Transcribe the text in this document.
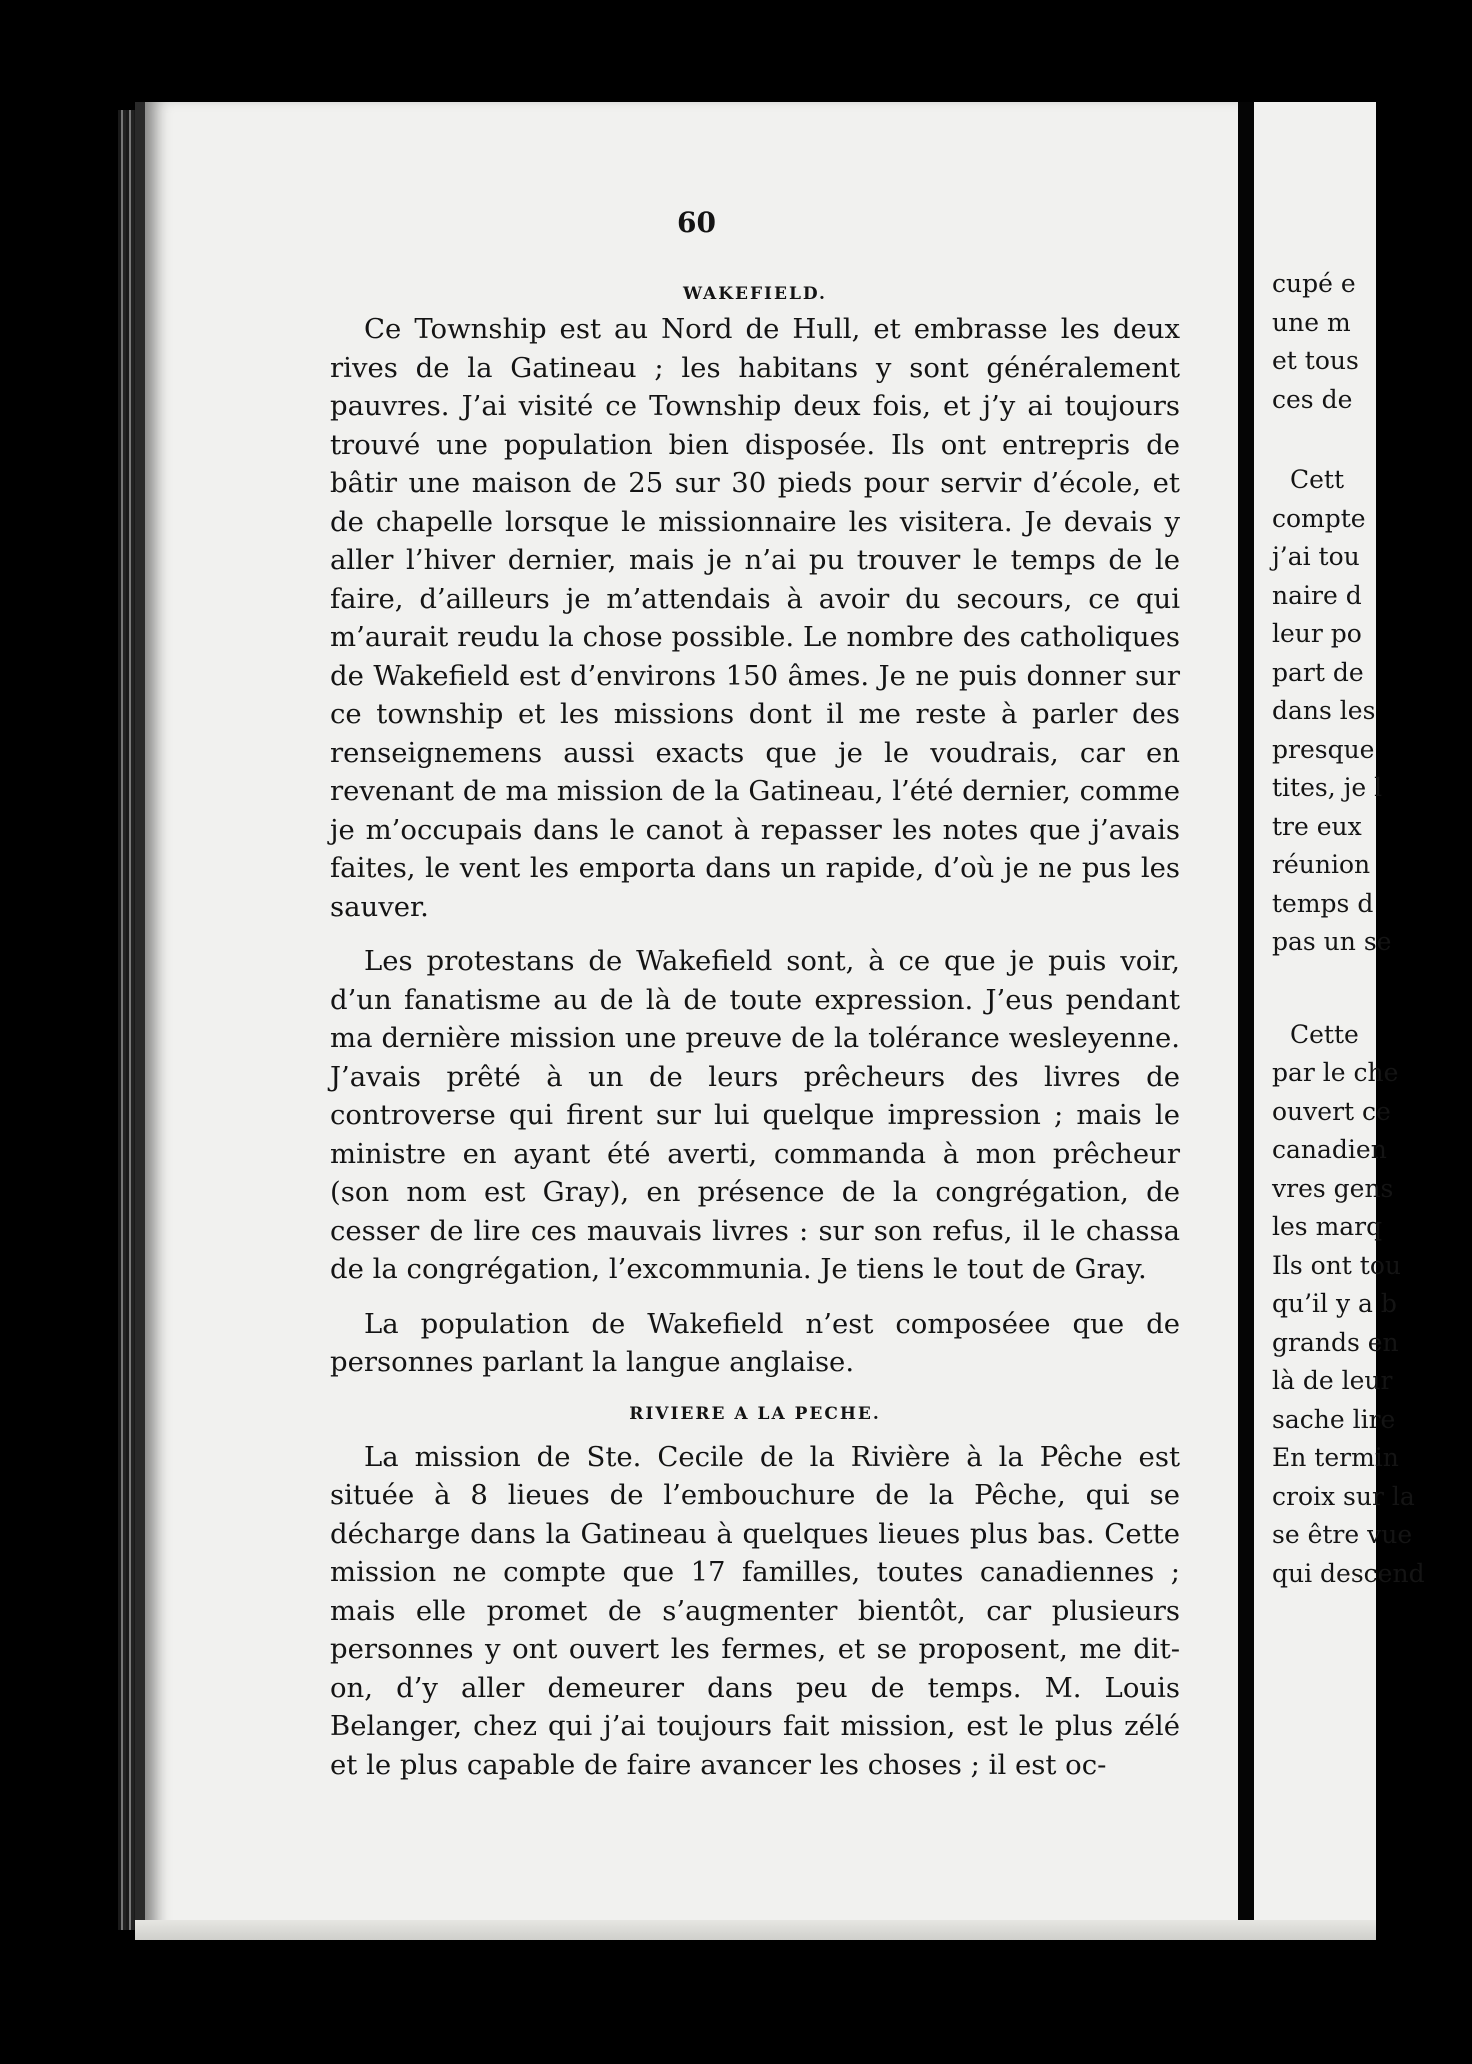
60

WAKEFIELD.

Ce Township est au Nord de Hull, et embrasse les deux rives de la Gatineau ; les habitans y sont généralement pauvres. J’ai visité ce Township deux fois, et j’y ai toujours trouvé une population bien disposée. Ils ont entrepris de bâtir une maison de 25 sur 30 pieds pour servir d’école, et de chapelle lorsque le missionnaire les visitera. Je devais y aller l’hiver dernier, mais je n’ai pu trouver le temps de le faire, d’ailleurs je m’attendais à avoir du secours, ce qui m’aurait reudu la chose possible. Le nombre des catholiques de Wakefield est d’environs 150 âmes. Je ne puis donner sur ce township et les missions dont il me reste à parler des renseignemens aussi exacts que je le voudrais, car en revenant de ma mission de la Gatineau, l’été dernier, comme je m’occupais dans le canot à repasser les notes que j’avais faites, le vent les emporta dans un rapide, d’où je ne pus les sauver.

Les protestans de Wakefield sont, à ce que je puis voir, d’un fanatisme au de là de toute expression. J’eus pendant ma dernière mission une preuve de la tolérance wesleyenne. J’avais prêté à un de leurs prêcheurs des livres de controverse qui firent sur lui quelque impression ; mais le ministre en ayant été averti, commanda à mon prêcheur (son nom est Gray), en présence de la congrégation, de cesser de lire ces mauvais livres : sur son refus, il le chassa de la congrégation, l’excommunia. Je tiens le tout de Gray.

La population de Wakefield n’est composéee que de personnes parlant la langue anglaise.

RIVIERE A LA PECHE.

La mission de Ste. Cecile de la Rivière à la Pêche est située à 8 lieues de l’embouchure de la Pêche, qui se décharge dans la Gatineau à quelques lieues plus bas. Cette mission ne compte que 17 familles, toutes canadiennes ; mais elle promet de s’augmenter bientôt, car plusieurs personnes y ont ouvert les fermes, et se proposent, me dit-on, d’y aller demeurer dans peu de temps. M. Louis Belanger, chez qui j’ai toujours fait mission, est le plus zélé et le plus capable de faire avancer les choses ; il est oc-

cupé e
une m
et tous
ces de
Cett
compte
j’ai tou
naire d
leur po
part de
dans les
presque
tites, je l
tre eux
réunion
temps d
pas un se
Cette
par le che
ouvert ce
canadien
vres gens
les marq
Ils ont tou
qu’il y a b
grands en
là de leur
sache lire
En termin
croix sur la
se être vue
qui descend
